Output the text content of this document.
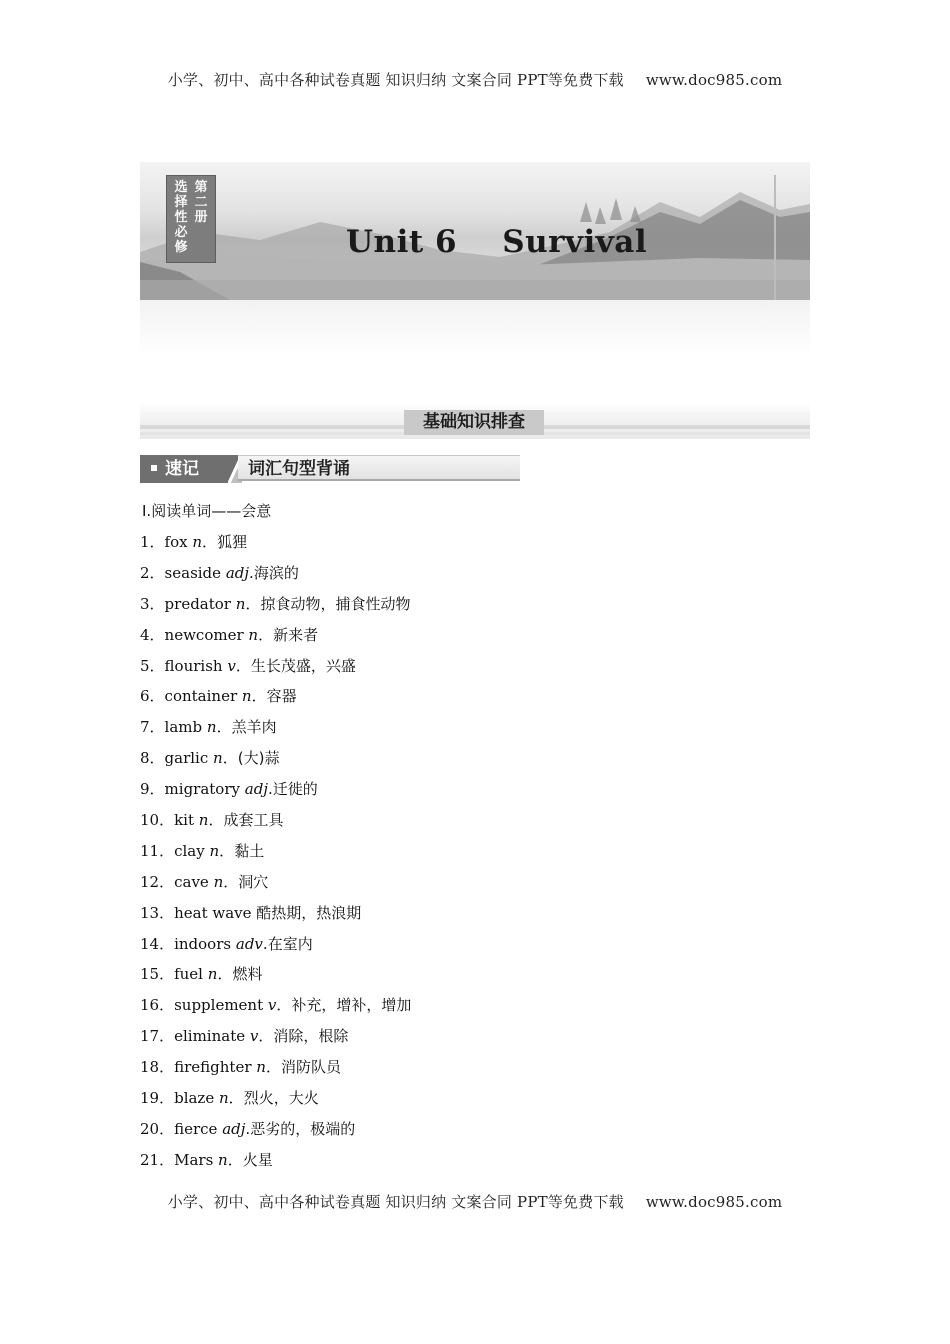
小学、初中、高中各种试卷真题 知识归纳 文案合同 PPT等免费下载 www.doc985.com
选择性必修
第二册
Unit 6    Survival
基础知识排查
速记	词汇句型背诵
Ⅰ.阅读单词——会意
1．fox n．狐狸
2．seaside adj.海滨的
3．predator n．掠食动物，捕食性动物
4．newcomer n．新来者
5．flourish v．生长茂盛，兴盛
6．container n．容器
7．lamb n．羔羊肉
8．garlic n．(大)蒜
9．migratory adj.迁徙的
10．kit n．成套工具
11．clay n．黏土
12．cave n．洞穴
13．heat wave 酷热期，热浪期
14．indoors adv.在室内
15．fuel n．燃料
16．supplement v．补充，增补，增加
17．eliminate v．消除，根除
18．firefighter n．消防队员
19．blaze n．烈火，大火
20．fierce adj.恶劣的，极端的
21．Mars n．火星
小学、初中、高中各种试卷真题 知识归纳 文案合同 PPT等免费下载 www.doc985.com
